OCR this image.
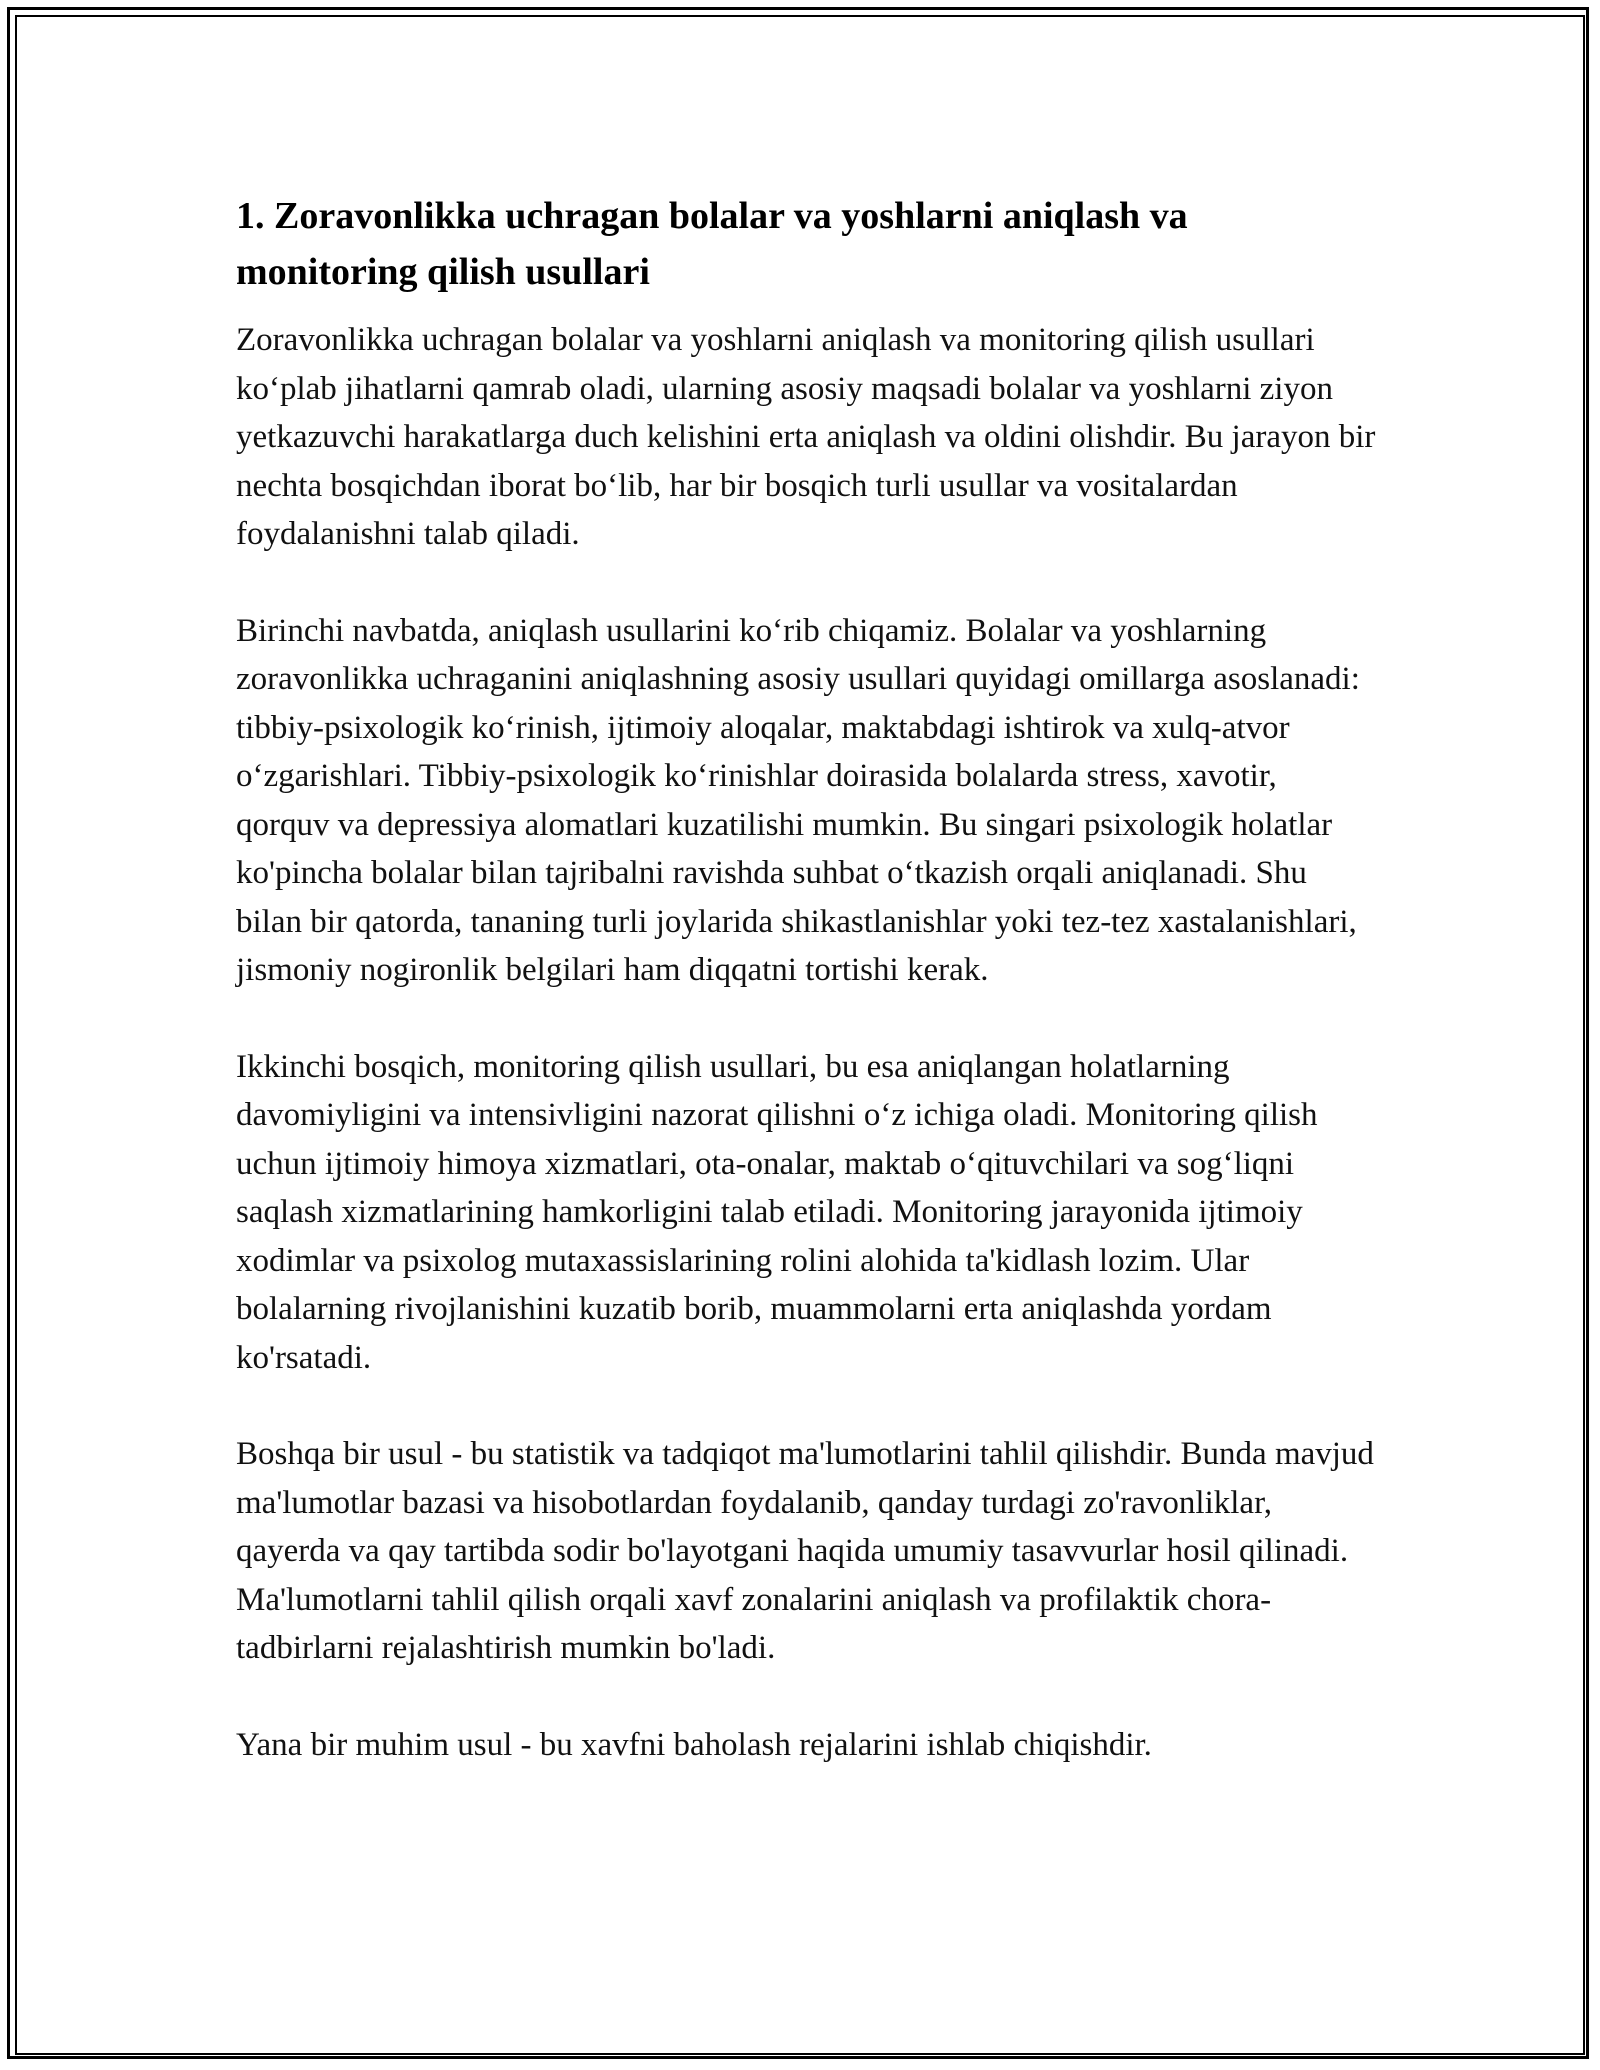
1. Zoravonlikka uchragan bolalar va yoshlarni aniqlash va monitoring qilish usullari

Zoravonlikka uchragan bolalar va yoshlarni aniqlash va monitoring qilish usullari ko‘plab jihatlarni qamrab oladi, ularning asosiy maqsadi bolalar va yoshlarni ziyon yetkazuvchi harakatlarga duch kelishini erta aniqlash va oldini olishdir. Bu jarayon bir nechta bosqichdan iborat bo‘lib, har bir bosqich turli usullar va vositalardan foydalanishni talab qiladi.

Birinchi navbatda, aniqlash usullarini ko‘rib chiqamiz. Bolalar va yoshlarning zoravonlikka uchraganini aniqlashning asosiy usullari quyidagi omillarga asoslanadi: tibbiy-psixologik ko‘rinish, ijtimoiy aloqalar, maktabdagi ishtirok va xulq-atvor o‘zgarishlari. Tibbiy-psixologik ko‘rinishlar doirasida bolalarda stress, xavotir, qorquv va depressiya alomatlari kuzatilishi mumkin. Bu singari psixologik holatlar ko'pincha bolalar bilan tajribalni ravishda suhbat o‘tkazish orqali aniqlanadi. Shu bilan bir qatorda, tananing turli joylarida shikastlanishlar yoki tez-tez xastalanishlari, jismoniy nogironlik belgilari ham diqqatni tortishi kerak.

Ikkinchi bosqich, monitoring qilish usullari, bu esa aniqlangan holatlarning davomiyligini va intensivligini nazorat qilishni o‘z ichiga oladi. Monitoring qilish uchun ijtimoiy himoya xizmatlari, ota-onalar, maktab o‘qituvchilari va sog‘liqni saqlash xizmatlarining hamkorligini talab etiladi. Monitoring jarayonida ijtimoiy xodimlar va psixolog mutaxassislarining rolini alohida ta'kidlash lozim. Ular bolalarning rivojlanishini kuzatib borib, muammolarni erta aniqlashda yordam ko'rsatadi.

Boshqa bir usul - bu statistik va tadqiqot ma'lumotlarini tahlil qilishdir. Bunda mavjud ma'lumotlar bazasi va hisobotlardan foydalanib, qanday turdagi zo'ravonliklar, qayerda va qay tartibda sodir bo'layotgani haqida umumiy tasavvurlar hosil qilinadi. Ma'lumotlarni tahlil qilish orqali xavf zonalarini aniqlash va profilaktik chora-tadbirlarni rejalashtirish mumkin bo'ladi.

Yana bir muhim usul - bu xavfni baholash rejalarini ishlab chiqishdir.
